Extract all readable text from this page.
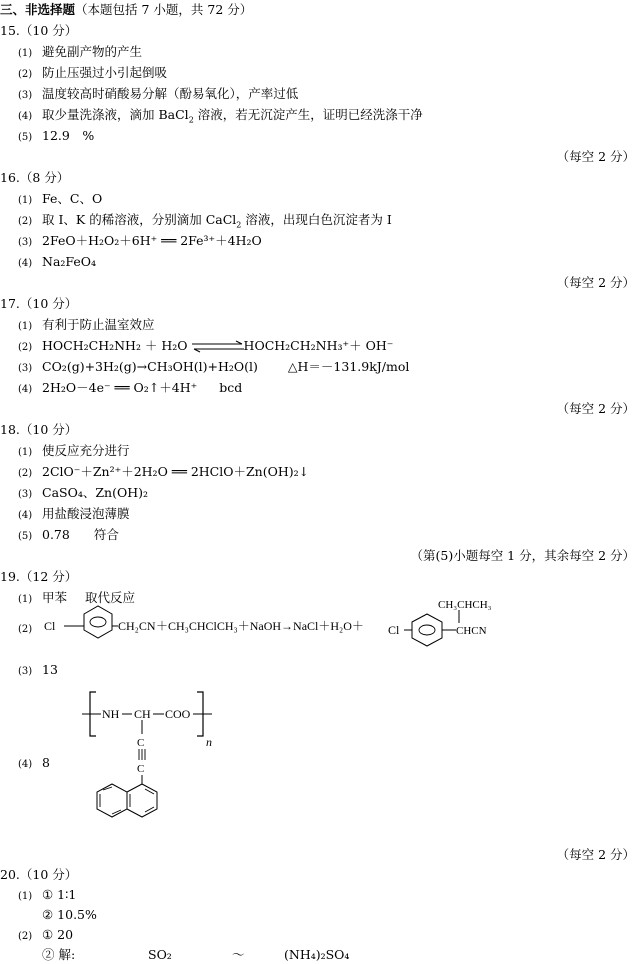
三、非选择题（本题包括 7 小题，共 72 分）
15.（10 分）
(1) 避免副产物的产生
(2) 防止压强过小引起倒吸
(3) 温度较高时硝酸易分解（酚易氧化），产率过低
(4) 取少量洗涤液，滴加 BaCl$_2$ 溶液，若无沉淀产生，证明已经洗涤干净
(5) 12.9　%
（每空 2 分）
16.（8 分）
(1) Fe、C、O
(2) 取 I、K 的稀溶液，分别滴加 CaCl$_2$ 溶液，出现白色沉淀者为 I
(3) 2FeO＋H₂O₂＋6H⁺ ══ 2Fe³⁺＋4H₂O
(4) Na₂FeO₄
（每空 2 分）
17.（10 分）
(1) 有利于防止温室效应
(2) HOCH₂CH₂NH₂ ＋ H₂O	HOCH₂CH₂NH₃⁺＋ OH⁻
(3) CO₂(g)+3H₂(g)→CH₃OH(l)+H₂O(l) △H＝－131.9kJ/mol
(4) 2H₂O－4e⁻ ══ O₂↑＋4H⁺ bcd
（每空 2 分）
18.（10 分）
(1) 使反应充分进行
(2) 2ClO⁻＋Zn²⁺＋2H₂O ══ 2HClO＋Zn(OH)₂↓
(3) CaSO₄、Zn(OH)₂
(4) 用盐酸浸泡薄膜
(5) 0.78 符合
（第(5)小题每空 1 分，其余每空 2 分）
19.（12 分）
(1) 甲苯 取代反应
(2) Cl	CH₂CN ＋CH₃CHClCH₃＋NaOH→NaCl＋H₂O＋ Cl
CH₃CHCH₃
CHCN
(3) 13
(4) 8
NH CH COO
n
C
C
（每空 2 分）
20.（10 分）
(1) ① 1∶1
② 10.5%
(2) ① 20
② 解:	SO₂	～	(NH₄)₂SO₄
